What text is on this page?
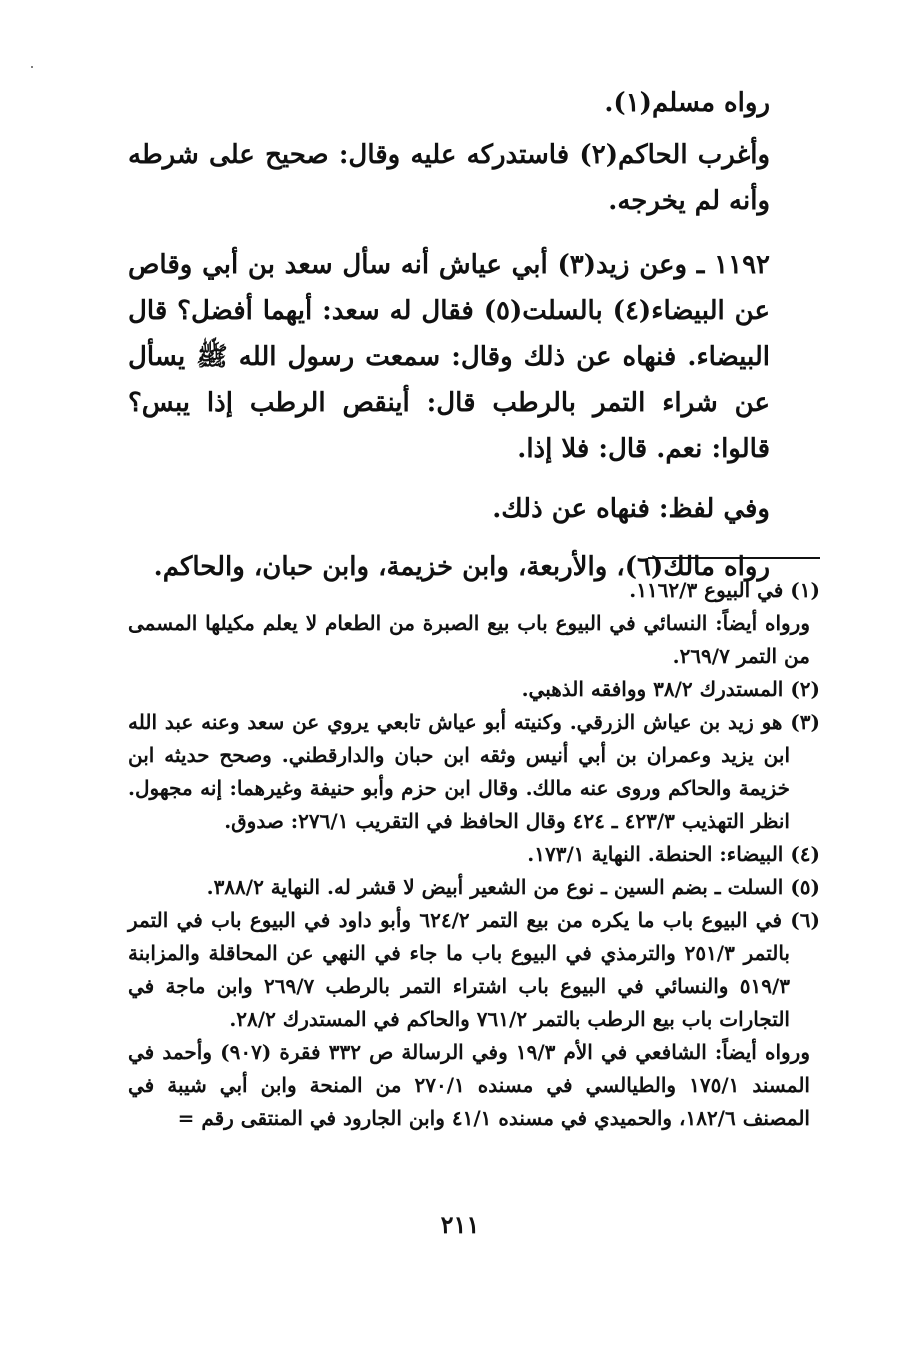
رواه مسلم(١).

وأغرب الحاكم(٢) فاستدركه عليه وقال: صحيح على شرطه وأنه لم يخرجه.

١١٩٢ ـ وعن زيد(٣) أبي عياش أنه سأل سعد بن أبي وقاص عن البيضاء(٤) بالسلت(٥) فقال له سعد: أيهما أفضل؟ قال البيضاء. فنهاه عن ذلك وقال: سمعت رسول الله ﷺ يسأل عن شراء التمر بالرطب قال: أينقص الرطب إذا يبس؟ قالوا: نعم. قال: فلا إذا.

وفي لفظ: فنهاه عن ذلك.

رواه مالك(٦)، والأربعة، وابن خزيمة، وابن حبان، والحاكم.

(١) في البيوع ١١٦٢/٣.

ورواه أيضاً: النسائي في البيوع باب بيع الصبرة من الطعام لا يعلم مكيلها المسمى من التمر ٢٦٩/٧.

(٢) المستدرك ٣٨/٢ ووافقه الذهبي.

(٣) هو زيد بن عياش الزرقي. وكنيته أبو عياش تابعي يروي عن سعد وعنه عبد الله ابن يزيد وعمران بن أبي أنيس وثقه ابن حبان والدارقطني. وصحح حديثه ابن خزيمة والحاكم وروى عنه مالك. وقال ابن حزم وأبو حنيفة وغيرهما: إنه مجهول. انظر التهذيب ٤٢٣/٣ ـ ٤٢٤ وقال الحافظ في التقريب ٢٧٦/١: صدوق.

(٤) البيضاء: الحنطة. النهاية ١٧٣/١.

(٥) السلت ـ بضم السين ـ نوع من الشعير أبيض لا قشر له. النهاية ٣٨٨/٢.

(٦) في البيوع باب ما يكره من بيع التمر ٦٢٤/٢ وأبو داود في البيوع باب في التمر بالتمر ٢٥١/٣ والترمذي في البيوع باب ما جاء في النهي عن المحاقلة والمزابنة ٥١٩/٣ والنسائي في البيوع باب اشتراء التمر بالرطب ٢٦٩/٧ وابن ماجة في التجارات باب بيع الرطب بالتمر ٧٦١/٢ والحاكم في المستدرك ٢٨/٢.

ورواه أيضاً: الشافعي في الأم ١٩/٣ وفي الرسالة ص ٣٣٢ فقرة (٩٠٧) وأحمد في المسند ١٧٥/١ والطيالسي في مسنده ٢٧٠/١ من المنحة وابن أبي شيبة في المصنف ١٨٢/٦، والحميدي في مسنده ٤١/١ وابن الجارود في المنتقى رقم =

٢١١
